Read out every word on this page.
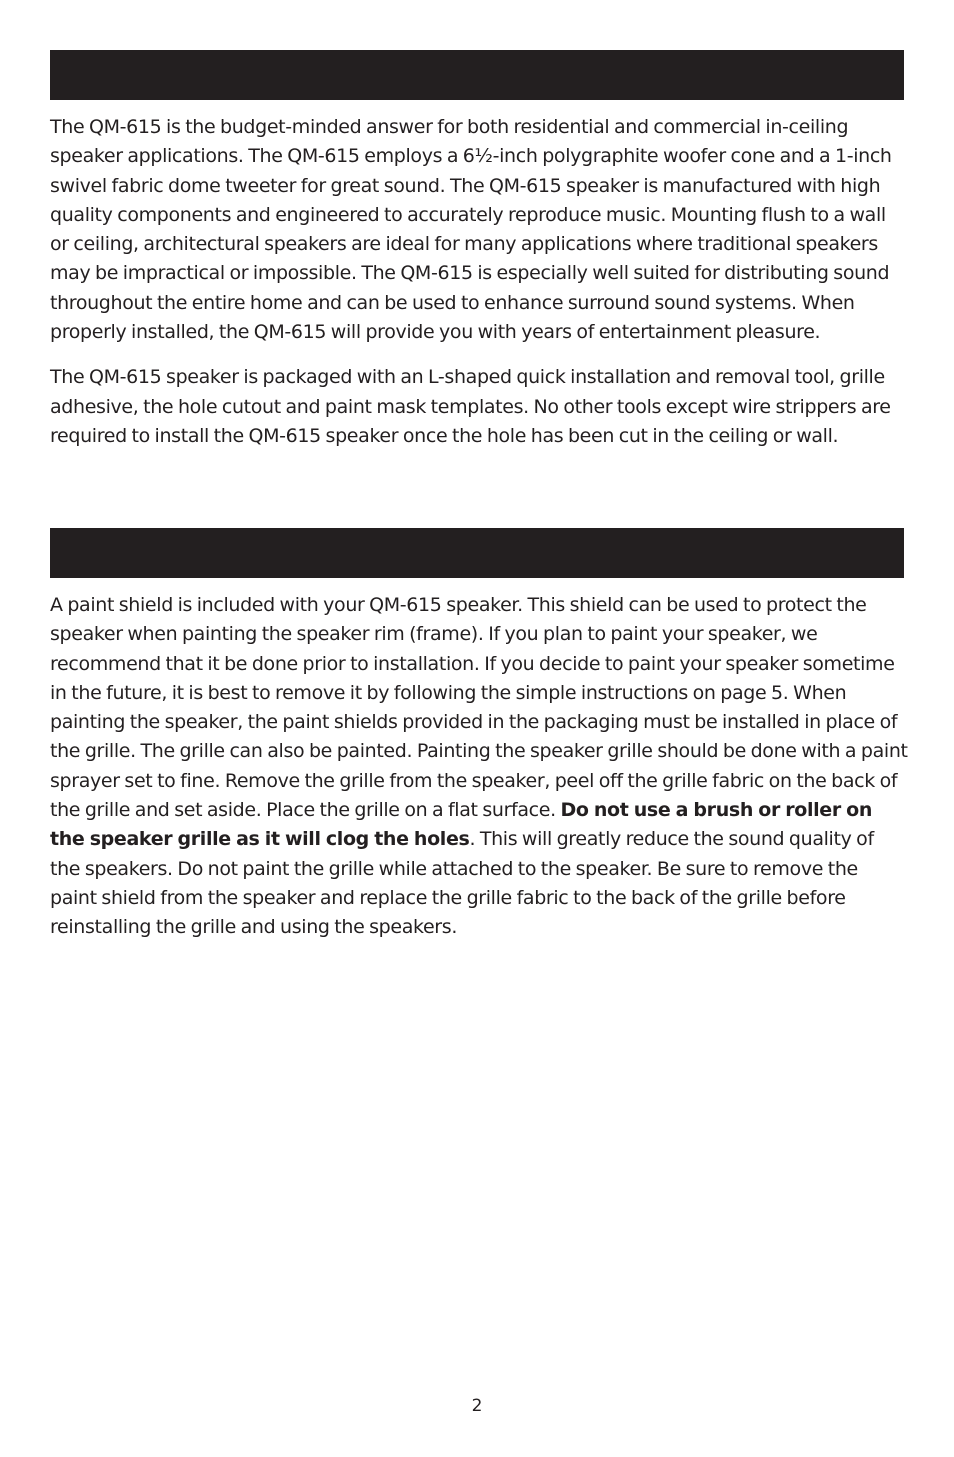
The QM-615 is the budget-minded answer for both residential and commercial in-ceiling speaker applications. The QM-615 employs a 6½-inch polygraphite woofer cone and a 1-inch swivel fabric dome tweeter for great sound. The QM-615 speaker is manufactured with high quality components and engineered to accurately reproduce music. Mounting flush to a wall or ceiling, architectural speakers are ideal for many applications where traditional speakers may be impractical or impossible. The QM-615 is especially well suited for distributing sound throughout the entire home and can be used to enhance surround sound systems. When properly installed, the QM-615 will provide you with years of entertainment pleasure.

The QM-615 speaker is packaged with an L-shaped quick installation and removal tool, grille adhesive, the hole cutout and paint mask templates. No other tools except wire strippers are required to install the QM-615 speaker once the hole has been cut in the ceiling or wall.

A paint shield is included with your QM-615 speaker. This shield can be used to protect the speaker when painting the speaker rim (frame). If you plan to paint your speaker, we recommend that it be done prior to installation. If you decide to paint your speaker sometime in the future, it is best to remove it by following the simple instructions on page 5. When painting the speaker, the paint shields provided in the packaging must be installed in place of the grille. The grille can also be painted. Painting the speaker grille should be done with a paint sprayer set to fine. Remove the grille from the speaker, peel off the grille fabric on the back of the grille and set aside. Place the grille on a flat surface. Do not use a brush or roller on the speaker grille as it will clog the holes. This will greatly reduce the sound quality of the speakers. Do not paint the grille while attached to the speaker. Be sure to remove the paint shield from the speaker and replace the grille fabric to the back of the grille before reinstalling the grille and using the speakers.

2
